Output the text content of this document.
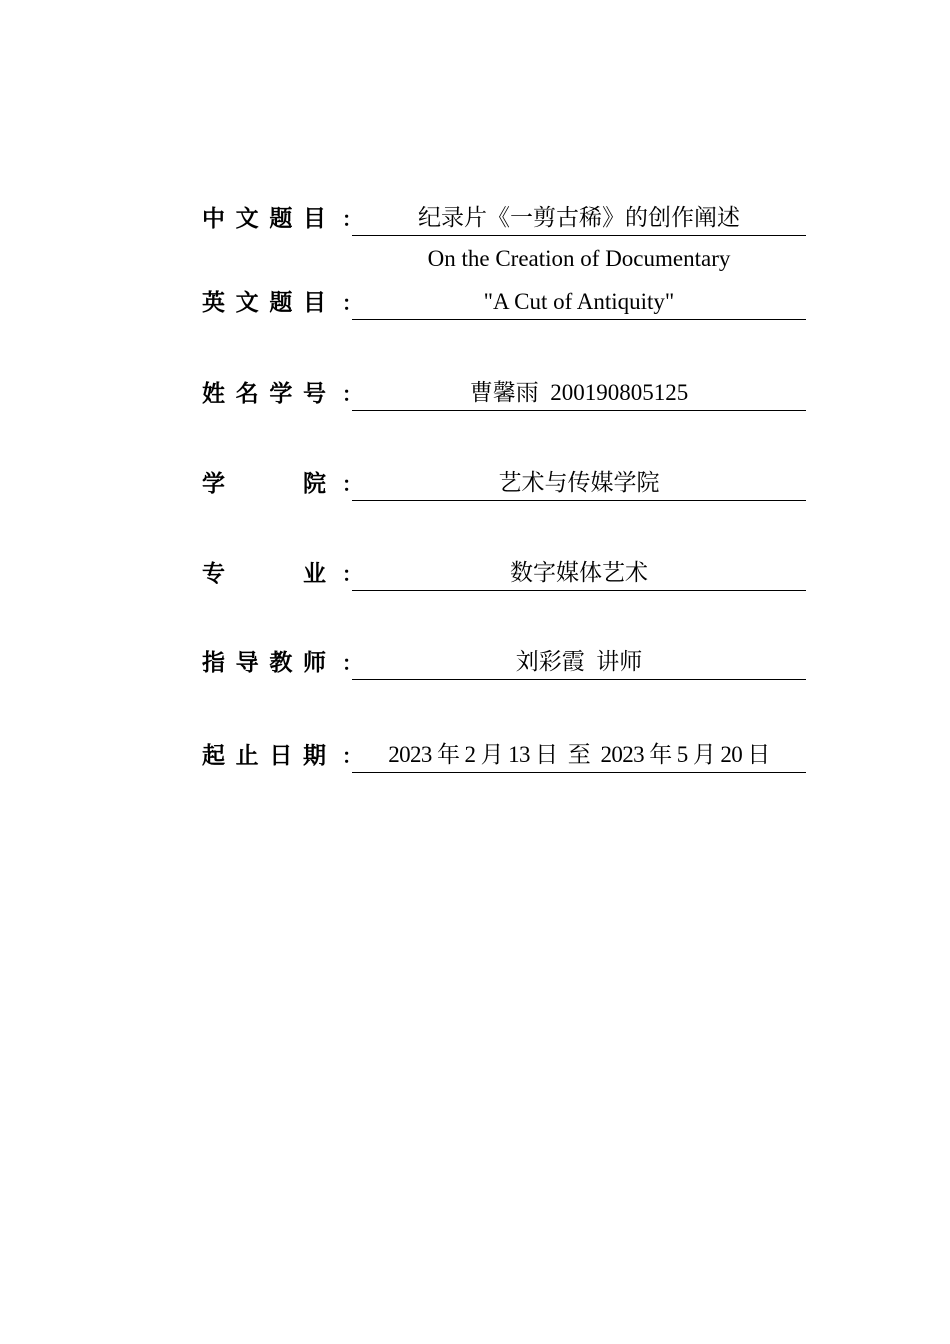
中 文 题 目 ：	纪录片《一剪古稀》的创作阐述
On the Creation of Documentary
英 文 题 目 ：	"A Cut of Antiquity"
姓 名 学 号 ：	曹馨雨  200190805125
学	院 ：	艺术与传媒学院
专	业 ：	数字媒体艺术
指 导 教 师 ：	刘彩霞  讲师
起 止 日 期 ：	2023 年 2 月 13 日  至  2023 年 5 月 20 日
